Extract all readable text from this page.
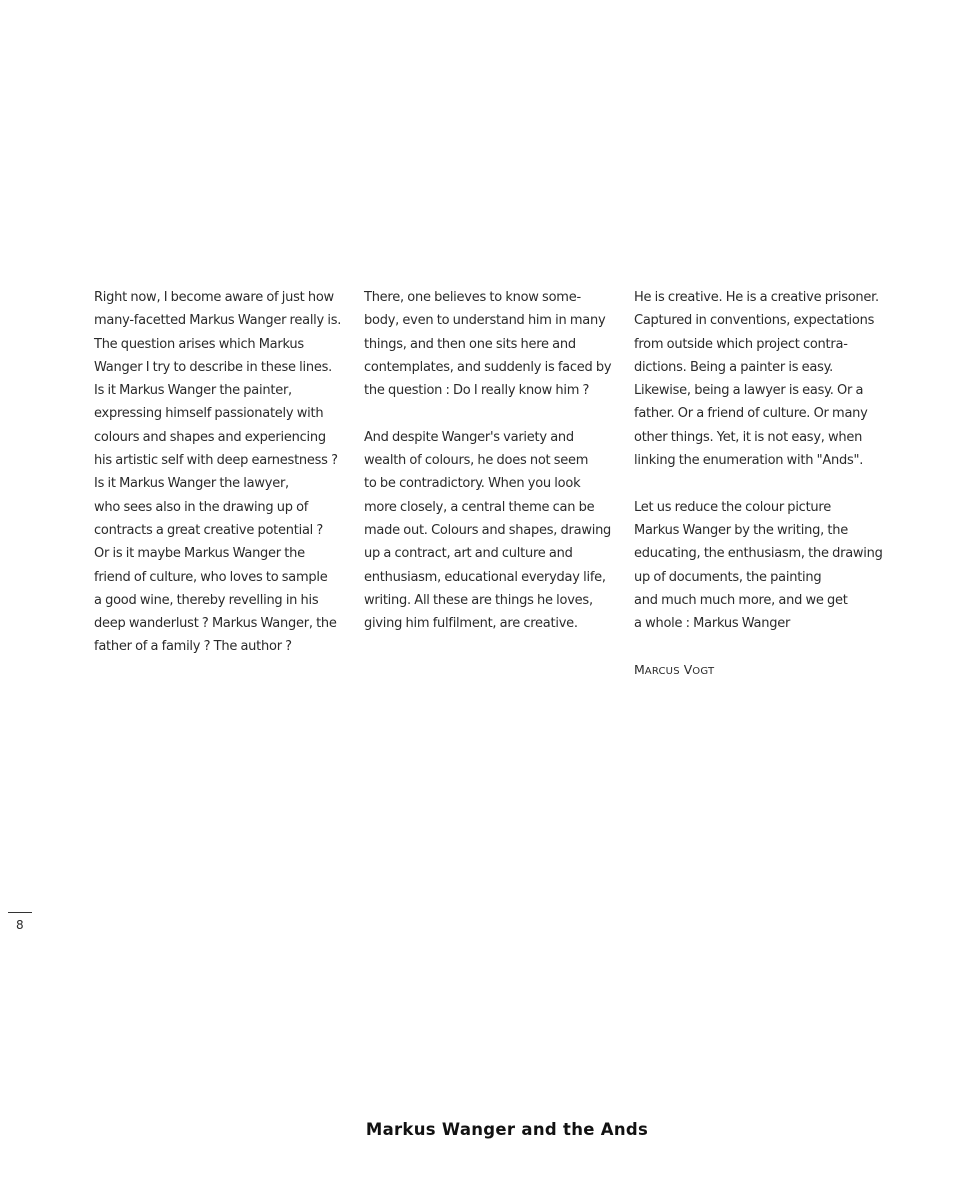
Right now, I become aware of just how
many-facetted Markus Wanger really is.
The question arises which Markus
Wanger I try to describe in these lines.
Is it Markus Wanger the painter,
expressing himself passionately with
colours and shapes and experiencing
his artistic self with deep earnestness ?
Is it Markus Wanger the lawyer,
who sees also in the drawing up of
contracts a great creative potential ?
Or is it maybe Markus Wanger the
friend of culture, who loves to sample
a good wine, thereby revelling in his
deep wanderlust ? Markus Wanger, the
father of a family ? The author ?
There, one believes to know some-
body, even to understand him in many
things, and then one sits here and
contemplates, and suddenly is faced by
the question : Do I really know him ?
And despite Wanger's variety and
wealth of colours, he does not seem
to be contradictory. When you look
more closely, a central theme can be
made out. Colours and shapes, drawing
up a contract, art and culture and
enthusiasm, educational everyday life,
writing. All these are things he loves,
giving him fulfilment, are creative.
He is creative. He is a creative prisoner.
Captured in conventions, expectations
from outside which project contra-
dictions. Being a painter is easy.
Likewise, being a lawyer is easy. Or a
father. Or a friend of culture. Or many
other things. Yet, it is not easy, when
linking the enumeration with "Ands".
Let us reduce the colour picture
Markus Wanger by the writing, the
educating, the enthusiasm, the drawing
up of documents, the painting
and much much more, and we get
a whole : Markus Wanger
MARCUS VOGT
8
Markus Wanger and the Ands
